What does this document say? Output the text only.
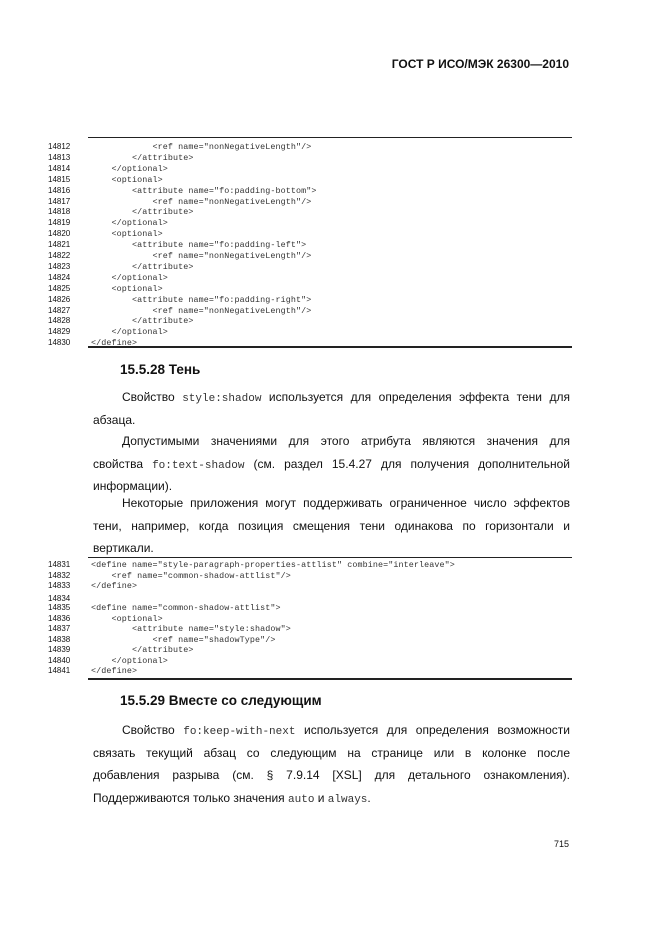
ГОСТ Р ИСО/МЭК 26300—2010
14812	<ref name="nonNegativeLength"/>
14813	</attribute>
14814	</optional>
14815	<optional>
14816	<attribute name="fo:padding-bottom">
14817	<ref name="nonNegativeLength"/>
14818	</attribute>
14819	</optional>
14820	<optional>
14821	<attribute name="fo:padding-left">
14822	<ref name="nonNegativeLength"/>
14823	</attribute>
14824	</optional>
14825	<optional>
14826	<attribute name="fo:padding-right">
14827	<ref name="nonNegativeLength"/>
14828	</attribute>
14829	</optional>
14830	</define>
15.5.28 Тень
Свойство style:shadow используется для определения эффекта тени для
абзаца.
Допустимыми значениями для этого атрибута являются значения для
свойства fo:text-shadow (см. раздел 15.4.27 для получения дополнительной
информации).
Некоторые приложения могут поддерживать ограниченное число эффектов
тени, например, когда позиция смещения тени одинакова по горизонтали и
вертикали.
14831	<define name="style-paragraph-properties-attlist" combine="interleave">
14832	<ref name="common-shadow-attlist"/>
14833	</define>
14834
14835	<define name="common-shadow-attlist">
14836	<optional>
14837	<attribute name="style:shadow">
14838	<ref name="shadowType"/>
14839	</attribute>
14840	</optional>
14841	</define>
15.5.29 Вместе со следующим
Свойство fo:keep-with-next используется для определения возможности
связать текущий абзац со следующим на странице или в колонке после
добавления разрыва (см. § 7.9.14 [XSL] для детального ознакомления).
Поддерживаются только значения auto и always.
715
